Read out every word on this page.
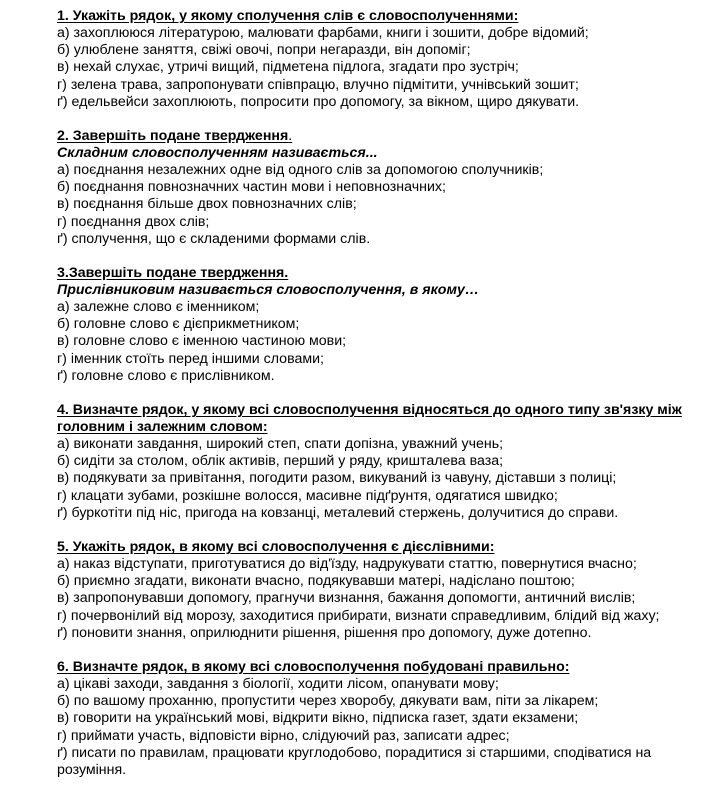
1. Укажіть рядок, у якому сполучення слів є словосполученнями:
а) захоплююся літературою, малювати фарбами, книги і зошити, добре відомий;
б) улюблене заняття, свіжі овочі, попри негаразди, він допоміг;
в) нехай слухає, утричі вищий, підметена підлога, згадати про зустріч;
г) зелена трава, запропонувати співпрацю, влучно підмітити, учнівський зошит;
ґ) едельвейси захоплюють, попросити про допомогу, за вікном, щиро дякувати.
2. Завершіть подане твердження.
Складним словосполученням називається...
а) поєднання незалежних одне від одного слів за допомогою сполучників;
б) поєднання повнозначних частин мови і неповнозначних;
в) поєднання більше двох повнозначних слів;
г) поєднання двох слів;
ґ) сполучення, що є складеними формами слів.
3.Завершіть подане твердження.
Прислівниковим називається словосполучення, в якому…
а) залежне слово є іменником;
б) головне слово є дієприкметником;
в) головне слово є іменною частиною мови;
г) іменник стоїть перед іншими словами;
ґ) головне слово є прислівником.
4. Визначте рядок, у якому всі словосполучення відносяться до одного типу зв'язку між головним і залежним словом:
а) виконати завдання, широкий степ, спати допізна, уважний учень;
б) сидіти за столом, облік активів, перший у ряду, кришталева ваза;
в) подякувати за привітання, погодити разом, викуваний із чавуну, діставши з полиці;
г) клацати зубами, розкішне волосся, масивне підґрунтя, одягатися швидко;
ґ) буркотіти під ніс, пригода на ковзанці, металевий стержень, долучитися до справи.
5. Укажіть рядок, в якому всі словосполучення є дієслівними:
а) наказ відступати, приготуватися до від'їзду, надрукувати статтю, повернутися вчасно;
б) приємно згадати, виконати вчасно, подякувавши матері, надіслано поштою;
в) запропонувавши допомогу, прагнучи визнання, бажання допомогти, античний вислів;
г) почервонілий від морозу, заходитися прибирати, визнати справедливим, блідий від жаху;
ґ) поновити знання, оприлюднити рішення, рішення про допомогу, дуже дотепно.
6. Визначте рядок, в якому всі словосполучення побудовані правильно:
а) цікаві заходи, завдання з біології, ходити лісом, опанувати мову;
б) по вашому проханню, пропустити через хворобу, дякувати вам, піти за лікарем;
в) говорити на український мові, відкрити вікно, підписка газет, здати екзамени;
г) приймати участь, відповісти вірно, слідуючий раз, записати адрес;
ґ) писати по правилам, працювати круглодобово, порадитися зі старшими, сподіватися на розуміння.
